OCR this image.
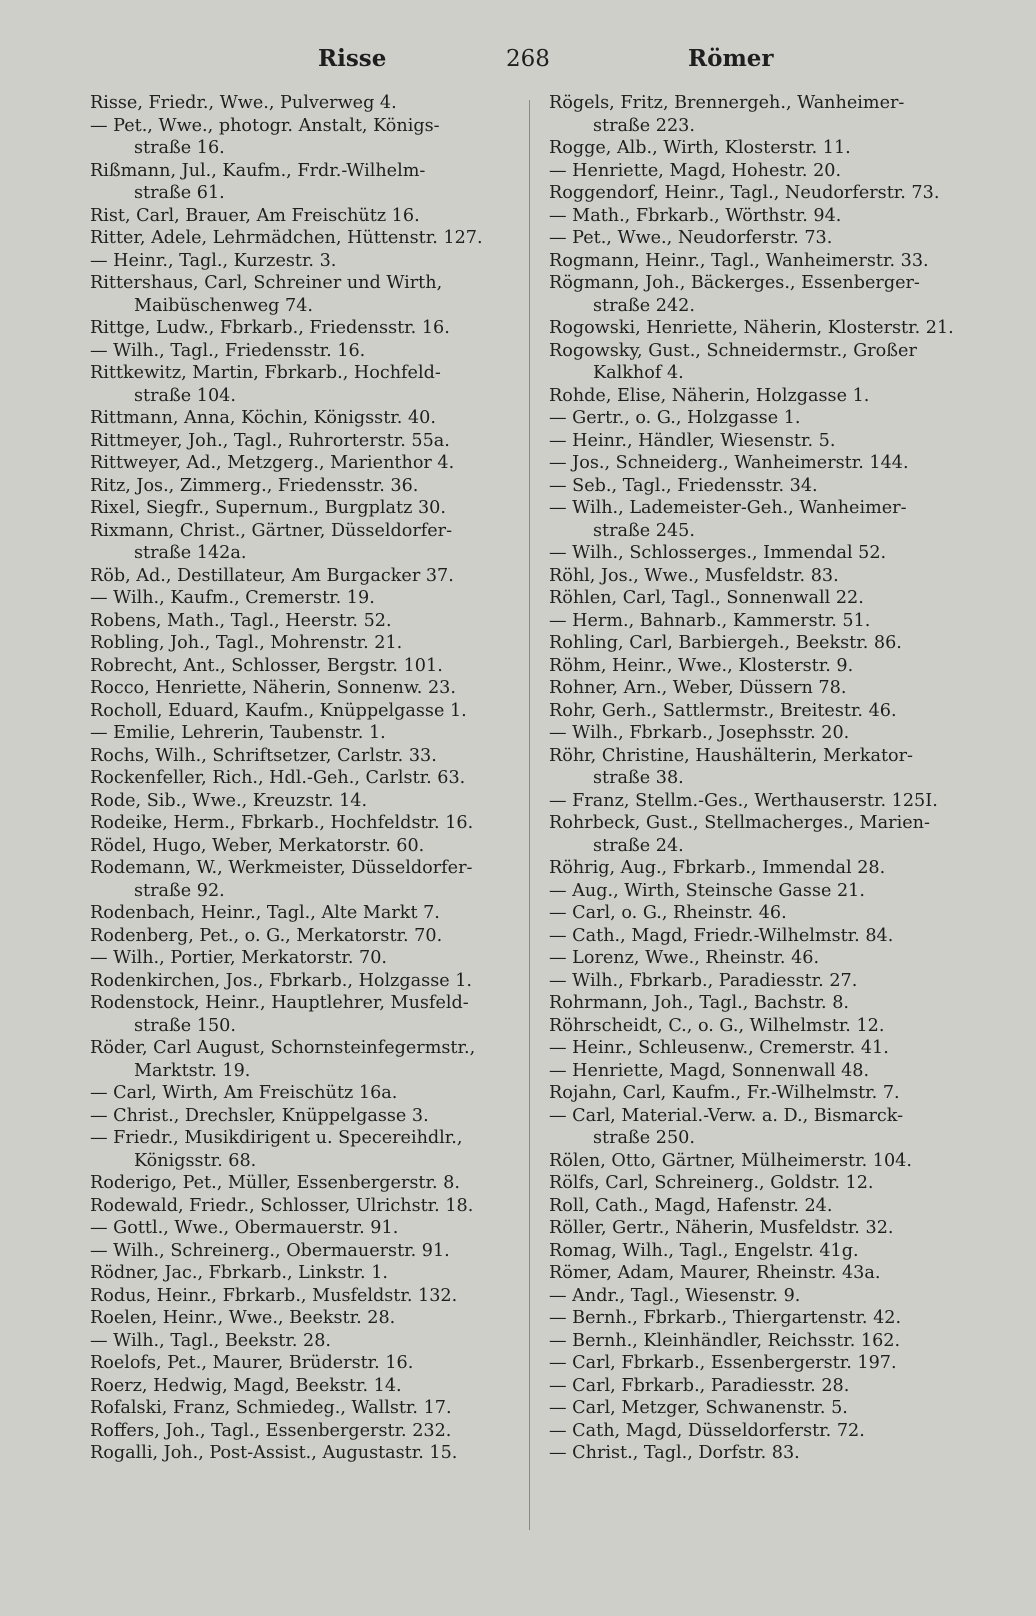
Risse	268	Römer
Risse, Friedr., Wwe., Pulverweg 4.
— Pet., Wwe., photogr. Anstalt, Königs-
straße 16.
Rißmann, Jul., Kaufm., Frdr.-Wilhelm-
straße 61.
Rist, Carl, Brauer, Am Freischütz 16.
Ritter, Adele, Lehrmädchen, Hüttenstr. 127.
— Heinr., Tagl., Kurzestr. 3.
Rittershaus, Carl, Schreiner und Wirth,
Maibüschenweg 74.
Rittge, Ludw., Fbrkarb., Friedensstr. 16.
— Wilh., Tagl., Friedensstr. 16.
Rittkewitz, Martin, Fbrkarb., Hochfeld-
straße 104.
Rittmann, Anna, Köchin, Königsstr. 40.
Rittmeyer, Joh., Tagl., Ruhrorterstr. 55a.
Rittweyer, Ad., Metzgerg., Marienthor 4.
Ritz, Jos., Zimmerg., Friedensstr. 36.
Rixel, Siegfr., Supernum., Burgplatz 30.
Rixmann, Christ., Gärtner, Düsseldorfer-
straße 142a.
Röb, Ad., Destillateur, Am Burgacker 37.
— Wilh., Kaufm., Cremerstr. 19.
Robens, Math., Tagl., Heerstr. 52.
Robling, Joh., Tagl., Mohrenstr. 21.
Robrecht, Ant., Schlosser, Bergstr. 101.
Rocco, Henriette, Näherin, Sonnenw. 23.
Rocholl, Eduard, Kaufm., Knüppelgasse 1.
— Emilie, Lehrerin, Taubenstr. 1.
Rochs, Wilh., Schriftsetzer, Carlstr. 33.
Rockenfeller, Rich., Hdl.-Geh., Carlstr. 63.
Rode, Sib., Wwe., Kreuzstr. 14.
Rodeike, Herm., Fbrkarb., Hochfeldstr. 16.
Rödel, Hugo, Weber, Merkatorstr. 60.
Rodemann, W., Werkmeister, Düsseldorfer-
straße 92.
Rodenbach, Heinr., Tagl., Alte Markt 7.
Rodenberg, Pet., o. G., Merkatorstr. 70.
— Wilh., Portier, Merkatorstr. 70.
Rodenkirchen, Jos., Fbrkarb., Holzgasse 1.
Rodenstock, Heinr., Hauptlehrer, Musfeld-
straße 150.
Röder, Carl August, Schornsteinfegermstr.,
Marktstr. 19.
— Carl, Wirth, Am Freischütz 16a.
— Christ., Drechsler, Knüppelgasse 3.
— Friedr., Musikdirigent u. Specereihdlr.,
Königsstr. 68.
Roderigo, Pet., Müller, Essenbergerstr. 8.
Rodewald, Friedr., Schlosser, Ulrichstr. 18.
— Gottl., Wwe., Obermauerstr. 91.
— Wilh., Schreinerg., Obermauerstr. 91.
Rödner, Jac., Fbrkarb., Linkstr. 1.
Rodus, Heinr., Fbrkarb., Musfeldstr. 132.
Roelen, Heinr., Wwe., Beekstr. 28.
— Wilh., Tagl., Beekstr. 28.
Roelofs, Pet., Maurer, Brüderstr. 16.
Roerz, Hedwig, Magd, Beekstr. 14.
Rofalski, Franz, Schmiedeg., Wallstr. 17.
Roffers, Joh., Tagl., Essenbergerstr. 232.
Rogalli, Joh., Post-Assist., Augustastr. 15.
Rögels, Fritz, Brennergeh., Wanheimer-
straße 223.
Rogge, Alb., Wirth, Klosterstr. 11.
— Henriette, Magd, Hohestr. 20.
Roggendorf, Heinr., Tagl., Neudorferstr. 73.
— Math., Fbrkarb., Wörthstr. 94.
— Pet., Wwe., Neudorferstr. 73.
Rogmann, Heinr., Tagl., Wanheimerstr. 33.
Rögmann, Joh., Bäckerges., Essenberger-
straße 242.
Rogowski, Henriette, Näherin, Klosterstr. 21.
Rogowsky, Gust., Schneidermstr., Großer
Kalkhof 4.
Rohde, Elise, Näherin, Holzgasse 1.
— Gertr., o. G., Holzgasse 1.
— Heinr., Händler, Wiesenstr. 5.
— Jos., Schneiderg., Wanheimerstr. 144.
— Seb., Tagl., Friedensstr. 34.
— Wilh., Lademeister-Geh., Wanheimer-
straße 245.
— Wilh., Schlosserges., Immendal 52.
Röhl, Jos., Wwe., Musfeldstr. 83.
Röhlen, Carl, Tagl., Sonnenwall 22.
— Herm., Bahnarb., Kammerstr. 51.
Rohling, Carl, Barbiergeh., Beekstr. 86.
Röhm, Heinr., Wwe., Klosterstr. 9.
Rohner, Arn., Weber, Düssern 78.
Rohr, Gerh., Sattlermstr., Breitestr. 46.
— Wilh., Fbrkarb., Josephsstr. 20.
Röhr, Christine, Haushälterin, Merkator-
straße 38.
— Franz, Stellm.-Ges., Werthauserstr. 125I.
Rohrbeck, Gust., Stellmacherges., Marien-
straße 24.
Röhrig, Aug., Fbrkarb., Immendal 28.
— Aug., Wirth, Steinsche Gasse 21.
— Carl, o. G., Rheinstr. 46.
— Cath., Magd, Friedr.-Wilhelmstr. 84.
— Lorenz, Wwe., Rheinstr. 46.
— Wilh., Fbrkarb., Paradiesstr. 27.
Rohrmann, Joh., Tagl., Bachstr. 8.
Röhrscheidt, C., o. G., Wilhelmstr. 12.
— Heinr., Schleusenw., Cremerstr. 41.
— Henriette, Magd, Sonnenwall 48.
Rojahn, Carl, Kaufm., Fr.-Wilhelmstr. 7.
— Carl, Material.-Verw. a. D., Bismarck-
straße 250.
Rölen, Otto, Gärtner, Mülheimerstr. 104.
Rölfs, Carl, Schreinerg., Goldstr. 12.
Roll, Cath., Magd, Hafenstr. 24.
Röller, Gertr., Näherin, Musfeldstr. 32.
Romag, Wilh., Tagl., Engelstr. 41g.
Römer, Adam, Maurer, Rheinstr. 43a.
— Andr., Tagl., Wiesenstr. 9.
— Bernh., Fbrkarb., Thiergartenstr. 42.
— Bernh., Kleinhändler, Reichsstr. 162.
— Carl, Fbrkarb., Essenbergerstr. 197.
— Carl, Fbrkarb., Paradiesstr. 28.
— Carl, Metzger, Schwanenstr. 5.
— Cath, Magd, Düsseldorferstr. 72.
— Christ., Tagl., Dorfstr. 83.
